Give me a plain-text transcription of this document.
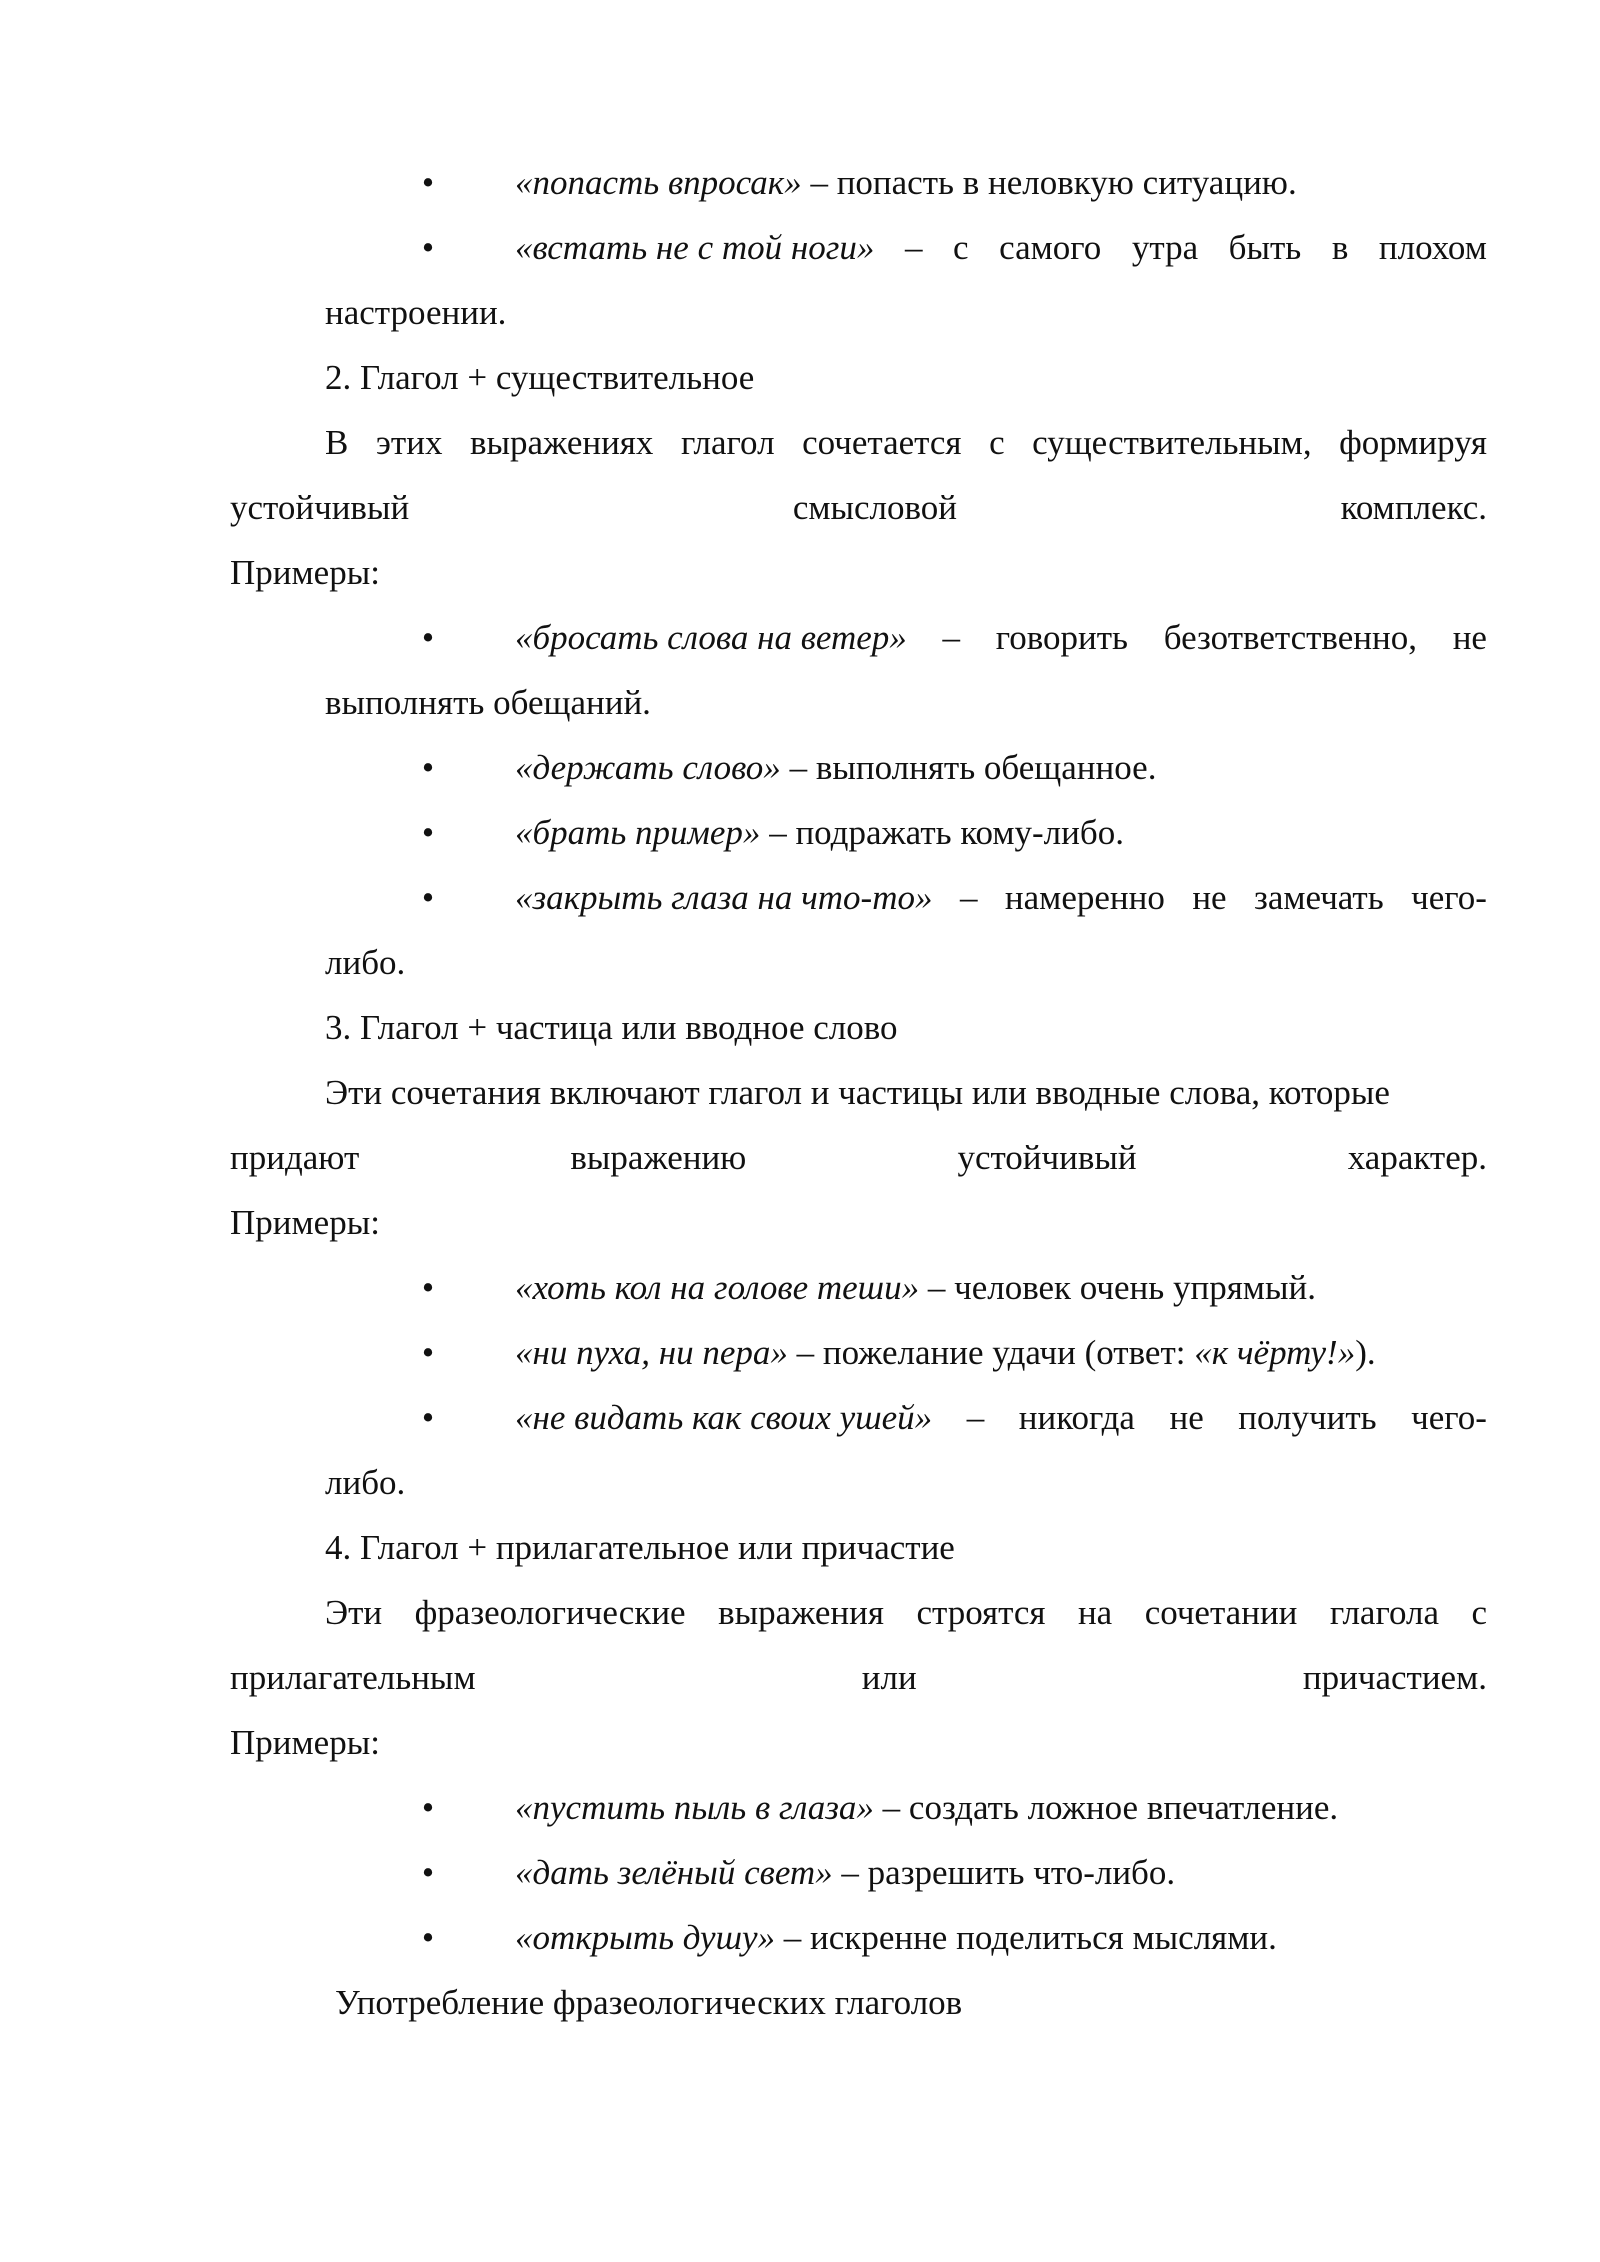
• «попасть впросак» – попасть в неловкую ситуацию.
• «встать не с той ноги» – с самого утра быть в плохом
настроении.
2. Глагол + существительное
В этих выражениях глагол сочетается с существительным, формируя
устойчивый	смысловой	комплекс.
Примеры:
• «бросать слова на ветер» – говорить безответственно, не
выполнять обещаний.
• «держать слово» – выполнять обещанное.
• «брать пример» – подражать кому-либо.
• «закрыть глаза на что-то» – намеренно не замечать чего-
либо.
3. Глагол + частица или вводное слово
Эти сочетания включают глагол и частицы или вводные слова, которые
придают	выражению	устойчивый	характер.
Примеры:
• «хоть кол на голове теши» – человек очень упрямый.
• «ни пуха, ни пера» – пожелание удачи (ответ: «к чёрту!»).
• «не видать как своих ушей» – никогда не получить чего-
либо.
4. Глагол + прилагательное или причастие
Эти фразеологические выражения строятся на сочетании глагола с
прилагательным	или	причастием.
Примеры:
• «пустить пыль в глаза» – создать ложное впечатление.
• «дать зелёный свет» – разрешить что-либо.
• «открыть душу» – искренне поделиться мыслями.
Употребление фразеологических глаголов
